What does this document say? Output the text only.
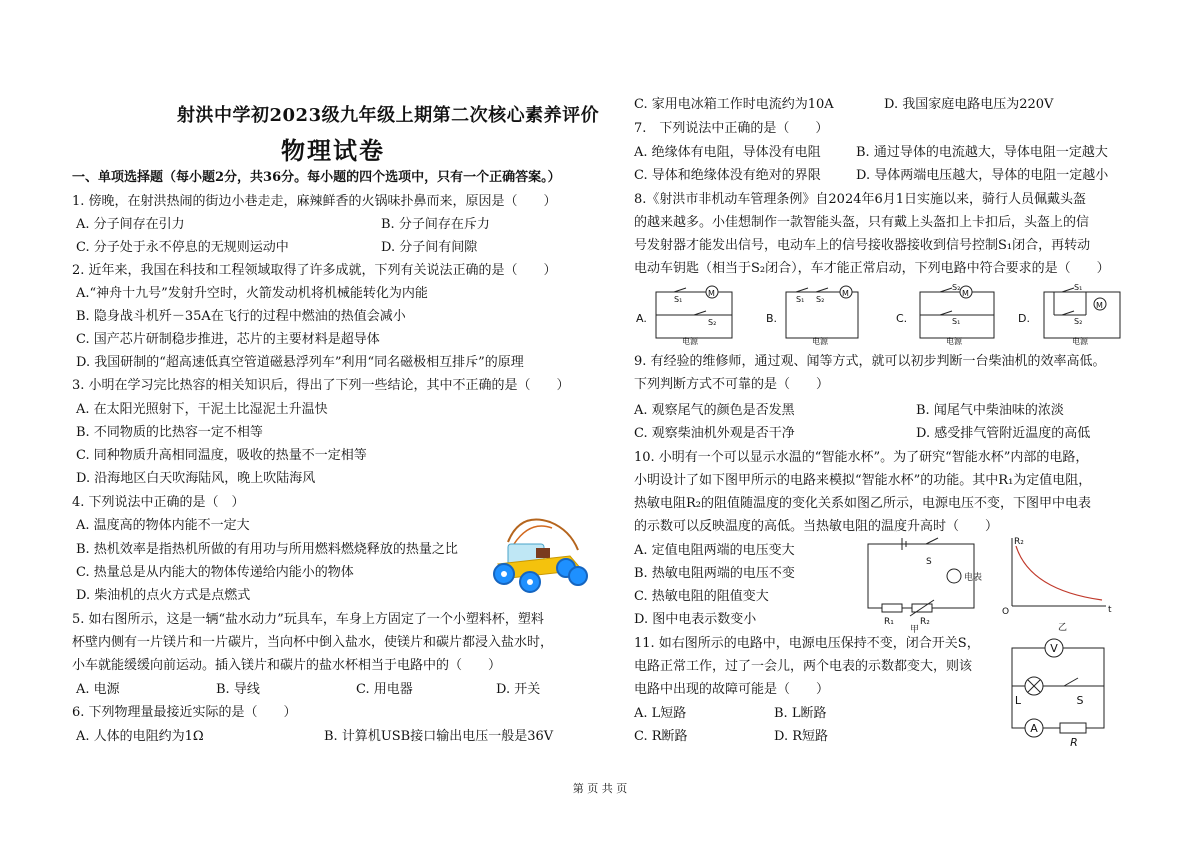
射洪中学初2023级九年级上期第二次核心素养评价
物理试卷
一、单项选择题（每小题2分，共36分。每小题的四个选项中，只有一个正确答案。）
1. 傍晚，在射洪热闹的街边小巷走走，麻辣鲜香的火锅味扑鼻而来，原因是（　　）
A. 分子间存在引力	B. 分子间存在斥力
C. 分子处于永不停息的无规则运动中	D. 分子间有间隙
2. 近年来，我国在科技和工程领域取得了许多成就，下列有关说法正确的是（　　）
A.“神舟十九号”发射升空时，火箭发动机将机械能转化为内能
B. 隐身战斗机歼－35A在飞行的过程中燃油的热值会减小
C. 国产芯片研制稳步推进，芯片的主要材料是超导体
D. 我国研制的“超高速低真空管道磁悬浮列车”利用“同名磁极相互排斥”的原理
3. 小明在学习完比热容的相关知识后，得出了下列一些结论，其中不正确的是（　　）
A. 在太阳光照射下，干泥土比湿泥土升温快
B. 不同物质的比热容一定不相等
C. 同种物质升高相同温度，吸收的热量不一定相等
D. 沿海地区白天吹海陆风，晚上吹陆海风
4. 下列说法中正确的是（　）
A. 温度高的物体内能不一定大
B. 热机效率是指热机所做的有用功与所用燃料燃烧释放的热量之比
C. 热量总是从内能大的物体传递给内能小的物体
D. 柴油机的点火方式是点燃式
5. 如右图所示，这是一辆“盐水动力”玩具车，车身上方固定了一个小塑料杯，塑料
杯壁内侧有一片镁片和一片碳片，当向杯中倒入盐水，使镁片和碳片都浸入盐水时，
小车就能缓缓向前运动。插入镁片和碳片的盐水杯相当于电路中的（　　）
A. 电源	B. 导线	C. 用电器	D. 开关
6. 下列物理量最接近实际的是（　　）
A. 人体的电阻约为1Ω	B. 计算机USB接口输出电压一般是36V
C. 家用电冰箱工作时电流约为10A	D. 我国家庭电路电压为220V
7.　下列说法中正确的是（　　）
A. 绝缘体有电阻，导体没有电阻	B. 通过导体的电流越大，导体电阻一定越大
C. 导体和绝缘体没有绝对的界限	D. 导体两端电压越大，导体的电阻一定越小
8.《射洪市非机动车管理条例》自2024年6月1日实施以来，骑行人员佩戴头盔
的越来越多。小佳想制作一款智能头盔，只有戴上头盔扣上卡扣后，头盔上的信
号发射器才能发出信号，电动车上的信号接收器接收到信号控制S₁闭合，再转动
电动车钥匙（相当于S₂闭合），车才能正常启动，下列电路中符合要求的是（　　）
A.	B.	C.	D.
M	M	M
M
S₁
S₂
S₁ S₂
S₂
S₁
S₁
S₂
电源	电源	电源	电源
9. 有经验的维修师，通过观、闻等方式，就可以初步判断一台柴油机的效率高低。
下列判断方式不可靠的是（　　）
A. 观察尾气的颜色是否发黑	B. 闻尾气中柴油味的浓淡
C. 观察柴油机外观是否干净	D. 感受排气管附近温度的高低
10. 小明有一个可以显示水温的“智能水杯”。为了研究“智能水杯”内部的电路，
小明设计了如下图甲所示的电路来模拟“智能水杯”的功能。其中R₁为定值电阻，
热敏电阻R₂的阻值随温度的变化关系如图乙所示，电源电压不变，下图甲中电表
的示数可以反映温度的高低。当热敏电阻的温度升高时（　　）
A. 定值电阻两端的电压变大
B. 热敏电阻两端的电压不变
C. 热敏电阻的阻值变大
D. 图中电表示数变小
S
电表
R₁	R₂
甲
R₂
O	t
乙
11. 如右图所示的电路中，电源电压保持不变，闭合开关S，
电路正常工作，过了一会儿，两个电表的示数都变大，则该
电路中出现的故障可能是（　　）
A. L短路	B. L断路
C. R断路	D. R短路
V
L	S
A
R
第 页 共 页
